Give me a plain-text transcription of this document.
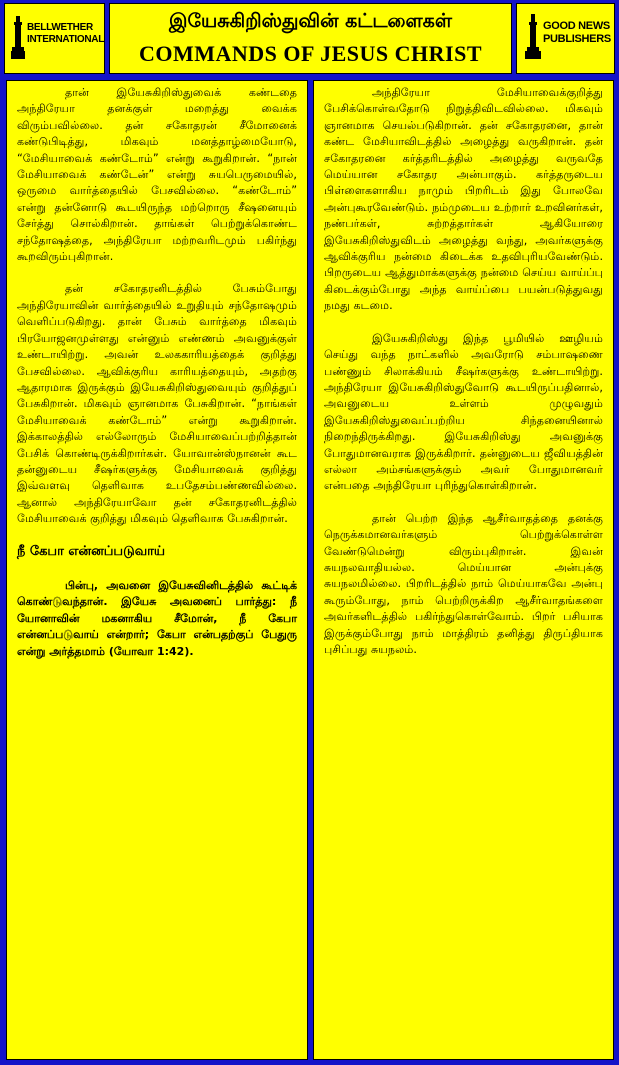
BELLWETHER
INTERNATIONAL
இயேசுகிறிஸ்துவின் கட்டளைகள்
COMMANDS OF JESUS CHRIST
GOOD NEWS
PUBLISHERS

தான் இயேசுகிறிஸ்துவைக் கண்டதை அந்திரேயா தனக்குள் மறைத்து வைக்க விரும்பவில்லை. தன் சகோதரன் சீமோனைக் கண்டுபிடித்து, மிகவும் மனத்தாழ்மையோடு, “மேசியாவைக் கண்டோம்” என்று கூறுகிறான். “நான் மேசியாவைக் கண்டேன்” என்று சுயபெருமையில், ஒருமை வார்த்தையில் பேசவில்லை. “கண்டோம்” என்று தன்னோடு கூடயிருந்த மற்றொரு சீஷனையும் சேர்த்து சொல்கிறான். தாங்கள் பெற்றுக்கொண்ட சந்தோஷத்தை, அந்திரேயா மற்றவரிடமும் பகிர்ந்து கூறவிரும்புகிறான்.

தன் சகோதரனிடத்தில் பேசும்போது அந்திரேயாவின் வார்த்தையில் உறுதியும் சந்தோஷமும் வெளிப்படுகிறது. தான் பேசும் வார்த்தை மிகவும் பிரயோஜனமுள்ளது என்னும் எண்ணம் அவனுக்குள் உண்டாயிற்று. அவன் உலககாரியத்தைக் குறித்து பேசவில்லை. ஆவிக்குரிய காரியத்தையும், அதற்கு ஆதாரமாக இருக்கும் இயேசுகிறிஸ்துவையும் குறித்துப் பேசுகிறான். மிகவும் ஞானமாக பேசுகிறான். “நாங்கள் மேசியாவைக் கண்டோம்” என்று கூறுகிறான். இக்காலத்தில் எல்லோரும் மேசியாவைப்பற்றித்தான் பேசிக் கொண்டிருக்கிறார்கள். யோவான்ஸ்நானன் கூட தன்னுடைய சீஷர்களுக்கு மேசியாவைக் குறித்து இவ்வளவு தெளிவாக உபதேசம்பண்ணவில்லை. ஆனால் அந்திரேயாவோ தன் சகோதரனிடத்தில் மேசியாவைக் குறித்து மிகவும் தெளிவாக பேசுகிறான்.

நீ கேபா என்னப்படுவாய்

பின்பு, அவனை இயேசுவினிடத்தில் கூட்டிக் கொண்டுவந்தான். இயேசு அவனைப் பார்த்து: நீ யோனாவின் மகனாகிய சீமோன், நீ கேபா என்னப்படுவாய் என்றார்; கேபா என்பதற்குப் பேதுரு என்று அர்த்தமாம் (யோவா 1:42).

அந்திரேயா மேசியாவைக்குறித்து பேசிக்கொள்வதோடு நிறுத்திவிடவில்லை. மிகவும் ஞானமாக செயல்படுகிறான். தன் சகோதரனை, தான் கண்ட மேசியாவிடத்தில் அழைத்து வருகிறான். தன் சகோதரனை கர்த்தரிடத்தில் அழைத்து வருவதே மெய்யான சகோதர அன்பாகும். கர்த்தருடைய பிள்ளைகளாகிய நாமும் பிறரிடம் இது போலவே அன்புகூரவேண்டும். நம்முடைய உற்றார் உறவினர்கள், நண்பர்கள், சுற்றத்தார்கள் ஆகியோரை இயேசுகிறிஸ்துவிடம் அழைத்து வந்து, அவர்களுக்கு ஆவிக்குரிய நன்மை கிடைக்க உதவிபுரியவேண்டும். பிறருடைய ஆத்துமாக்களுக்கு நன்மை செய்ய வாய்ப்பு கிடைக்கும்போது அந்த வாய்ப்பை பயன்படுத்துவது நமது கடமை.

இயேசுகிறிஸ்து இந்த பூமியில் ஊழியம் செய்து வந்த நாட்களில் அவரோடு சம்பாஷணை பண்ணும் சிலாக்கியம் சீஷர்களுக்கு உண்டாயிற்று. அந்திரேயா இயேசுகிறிஸ்துவோடு கூடயிருப்பதினால், அவனுடைய உள்ளம் முழுவதும் இயேசுகிறிஸ்துவைப்பற்றிய சிந்தனையினால் நிறைந்திருக்கிறது. இயேசுகிறிஸ்து அவனுக்கு போதுமானவராக இருக்கிறார். தன்னுடைய ஜீவியத்தின் எல்லா அம்சங்களுக்கும் அவர் போதுமானவர் என்பதை அந்திரேயா புரிந்துகொள்கிறான்.

தான் பெற்ற இந்த ஆசீர்வாதத்தை தனக்கு நெருக்கமானவர்களும் பெற்றுக்கொள்ள வேண்டுமென்று விரும்புகிறான். இவன் சுயநலவாதியல்ல. மெய்யான அன்புக்கு சுயநலமில்லை. பிறரிடத்தில் நாம் மெய்யாகவே அன்பு கூரும்போது, நாம் பெற்றிருக்கிற ஆசீர்வாதங்களை அவர்களிடத்தில் பகிர்ந்துகொள்வோம். பிறர் பசியாக இருக்கும்போது நாம் மாத்திரம் தனித்து திருப்தியாக புசிப்பது சுயநலம்.
